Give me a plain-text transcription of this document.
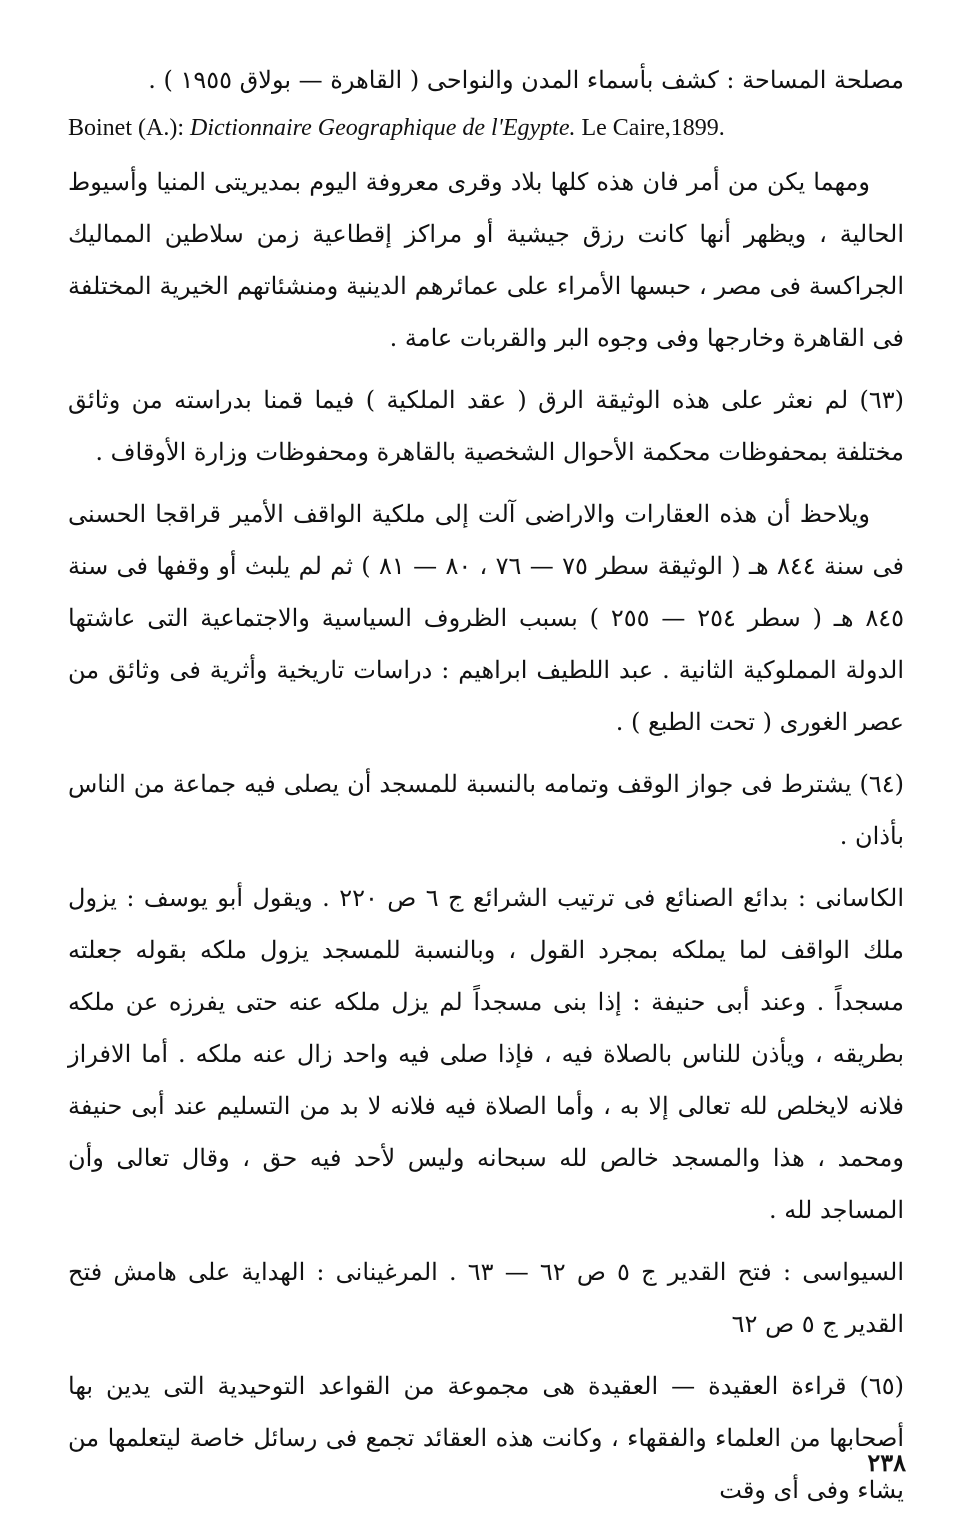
مصلحة المساحة : كشف بأسماء المدن والنواحى ( القاهرة — بولاق ١٩٥٥ ) .
Boinet (A.): Dictionnaire Geographique de l'Egypte. Le Caire,1899.

ومهما يكن من أمر فان هذه كلها بلاد وقرى معروفة اليوم بمديريتى المنيا وأسيوط الحالية ، ويظهر أنها كانت رزق جيشية أو مراكز إقطاعية زمن سلاطين المماليك الجراكسة فى مصر ، حبسها الأمراء على عمائرهم الدينية ومنشئاتهم الخيرية المختلفة فى القاهرة وخارجها وفى وجوه البر والقربات عامة .

(٦٣) لم نعثر على هذه الوثيقة الرق ( عقد الملكية ) فيما قمنا بدراسته من وثائق مختلفة بمحفوظات محكمة الأحوال الشخصية بالقاهرة ومحفوظات وزارة الأوقاف .

ويلاحظ أن هذه العقارات والاراضى آلت إلى ملكية الواقف الأمير قراقجا الحسنى فى سنة ٨٤٤ هـ ( الوثيقة سطر ٧٥ — ٧٦ ، ٨٠ — ٨١ ) ثم لم يلبث أو وقفها فى سنة ٨٤٥ هـ ( سطر ٢٥٤ — ٢٥٥ ) بسبب الظروف السياسية والاجتماعية التى عاشتها الدولة المملوكية الثانية . عبد اللطيف ابراهيم : دراسات تاريخية وأثرية فى وثائق من عصر الغورى ( تحت الطبع ) .

(٦٤) يشترط فى جواز الوقف وتمامه بالنسبة للمسجد أن يصلى فيه جماعة من الناس بأذان .

الكاسانى : بدائع الصنائع فى ترتيب الشرائع ج ٦ ص ٢٢٠ . ويقول أبو يوسف : يزول ملك الواقف لما يملكه بمجرد القول ، وبالنسبة للمسجد يزول ملكه بقوله جعلته مسجداً . وعند أبى حنيفة : إذا بنى مسجداً لم يزل ملكه عنه حتى يفرزه عن ملكه بطريقه ، ويأذن للناس بالصلاة فيه ، فإذا صلى فيه واحد زال عنه ملكه . أما الافراز فلانه لايخلص لله تعالى إلا به ، وأما الصلاة فيه فلانه لا بد من التسليم عند أبى حنيفة ومحمد ، هذا والمسجد خالص لله سبحانه وليس لأحد فيه حق ، وقال تعالى وأن المساجد لله .

السيواسى : فتح القدير ج ٥ ص ٦٢ — ٦٣ . المرغينانى : الهداية على هامش فتح القدير ج ٥ ص ٦٢

(٦٥) قراءة العقيدة — العقيدة هى مجموعة من القواعد التوحيدية التى يدين بها أصحابها من العلماء والفقهاء ، وكانت هذه العقائد تجمع فى رسائل خاصة ليتعلمها من يشاء وفى أى وقت

٢٣٨
